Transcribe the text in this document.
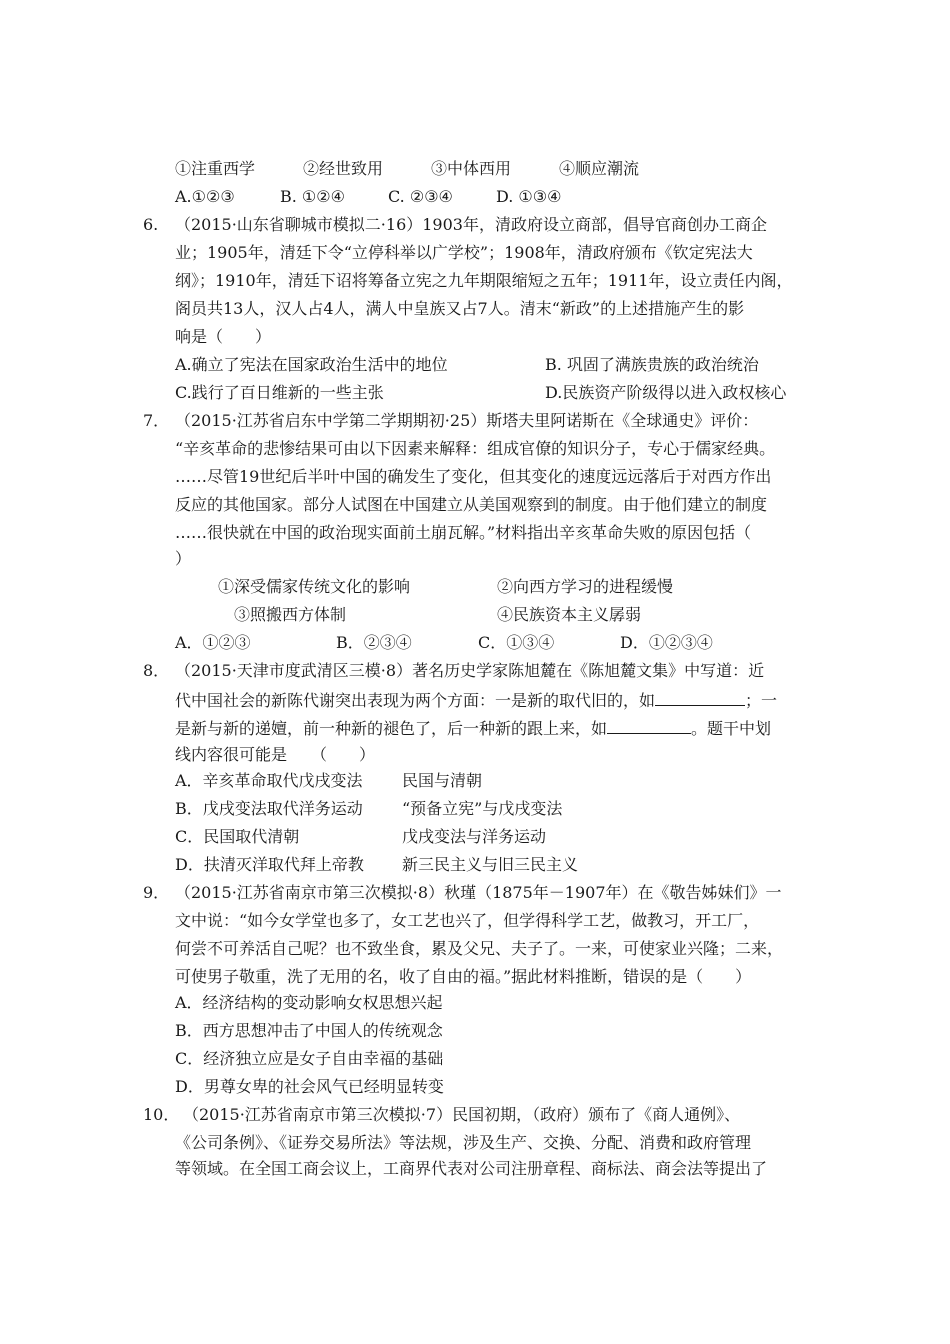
①注重西学　　　②经世致用　　　③中体西用　　　④顺应潮流
A.①②③	B. ①②④	C. ②③④	D. ①③④
6. （2015·山东省聊城市模拟二·16）1903年，清政府设立商部，倡导官商创办工商企
业；1905年，清廷下令“立停科举以广学校”；1908年，清政府颁布《钦定宪法大
纲》；1910年，清廷下诏将筹备立宪之九年期限缩短之五年；1911年，设立责任内阁，
阁员共13人，汉人占4人，满人中皇族又占7人。清末“新政”的上述措施产生的影
响是（　　）
A.确立了宪法在国家政治生活中的地位	B. 巩固了满族贵族的政治统治
C.践行了百日维新的一些主张	D.民族资产阶级得以进入政权核心
7． （2015·江苏省启东中学第二学期期初·25）斯塔夫里阿诺斯在《全球通史》评价：
“辛亥革命的悲惨结果可由以下因素来解释：组成官僚的知识分子，专心于儒家经典。
……尽管19世纪后半叶中国的确发生了变化，但其变化的速度远远落后于对西方作出
反应的其他国家。部分人试图在中国建立从美国观察到的制度。由于他们建立的制度
……很快就在中国的政治现实面前土崩瓦解。”材料指出辛亥革命失败的原因包括（
）
①深受儒家传统文化的影响	②向西方学习的进程缓慢
③照搬西方体制	④民族资本主义孱弱
A．①②③	B．②③④	C．①③④	D．①②③④
8． （2015·天津市度武清区三模·8）著名历史学家陈旭麓在《陈旭麓文集》中写道：近
代中国社会的新陈代谢突出表现为两个方面：一是新的取代旧的，如	；一
是新与新的递嬗，前一种新的褪色了，后一种新的跟上来，如	。题干中划
线内容很可能是　　（　　）
A．辛亥革命取代戊戌变法 民国与清朝
B．戊戌变法取代洋务运动 “预备立宪”与戊戌变法
C．民国取代清朝	戊戌变法与洋务运动
D．扶清灭洋取代拜上帝教 新三民主义与旧三民主义
9． （2015·江苏省南京市第三次模拟·8）秋瑾（1875年－1907年）在《敬告姊妹们》一
文中说：“如今女学堂也多了，女工艺也兴了，但学得科学工艺，做教习，开工厂，
何尝不可养活自己呢？也不致坐食，累及父兄、夫子了。一来，可使家业兴隆；二来，
可使男子敬重，洗了无用的名，收了自由的福。”据此材料推断，错误的是（　　）
A．经济结构的变动影响女权思想兴起
B．西方思想冲击了中国人的传统观念
C．经济独立应是女子自由幸福的基础
D．男尊女卑的社会风气已经明显转变
10． （2015·江苏省南京市第三次模拟·7）民国初期，（政府）颁布了《商人通例》、
《公司条例》、《证券交易所法》等法规，涉及生产、交换、分配、消费和政府管理
等领域。在全国工商会议上，工商界代表对公司注册章程、商标法、商会法等提出了
